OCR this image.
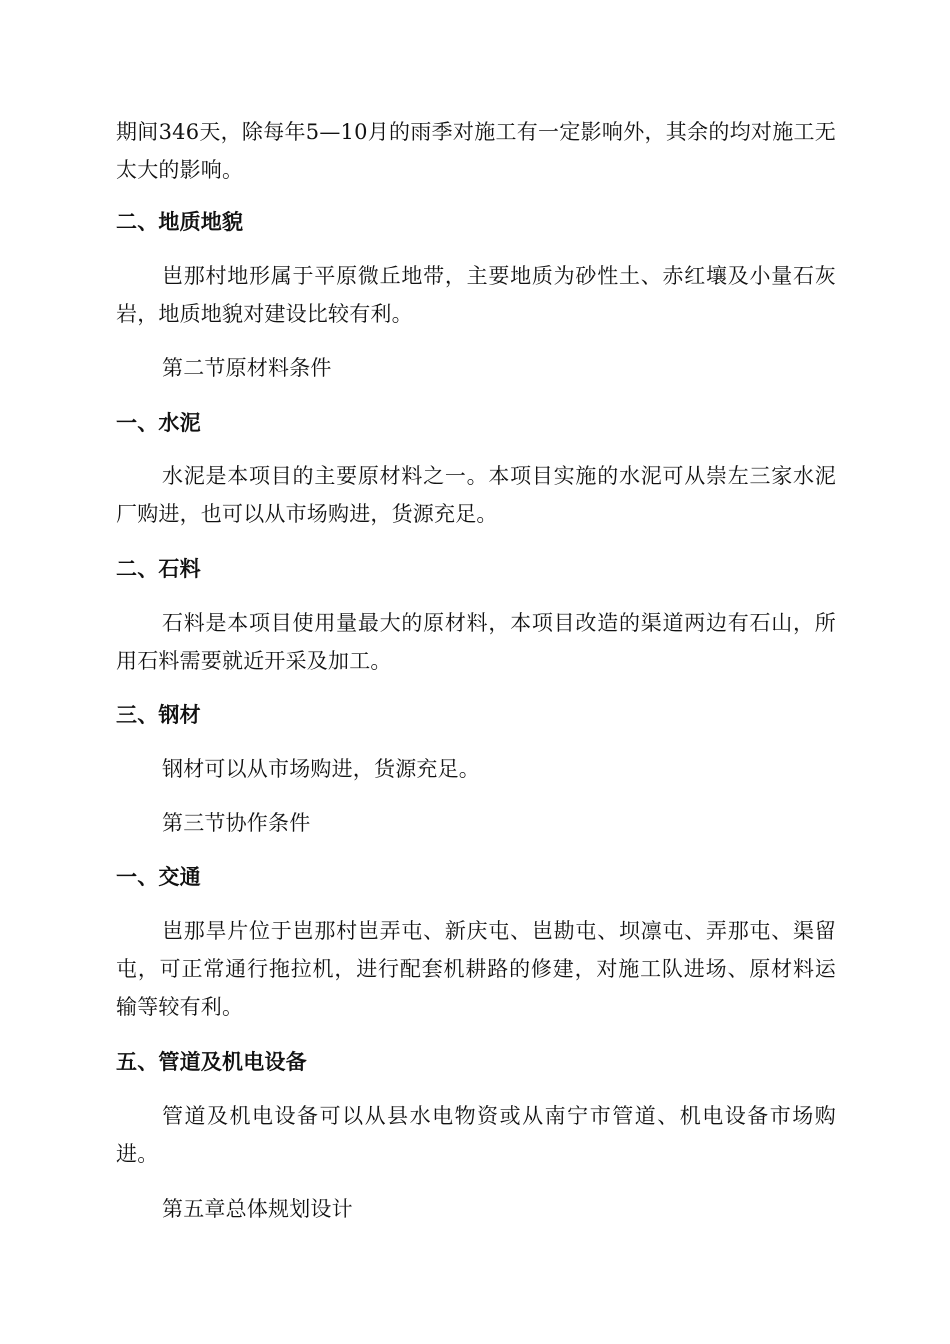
期间346天，除每年5—10月的雨季对施工有一定影响外，其余的均对施工无太大的影响。

二、地质地貌

岜那村地形属于平原微丘地带，主要地质为砂性土、赤红壤及小量石灰岩，地质地貌对建设比较有利。

第二节原材料条件

一、水泥

水泥是本项目的主要原材料之一。本项目实施的水泥可从崇左三家水泥厂购进，也可以从市场购进，货源充足。

二、石料

石料是本项目使用量最大的原材料，本项目改造的渠道两边有石山，所用石料需要就近开采及加工。

三、钢材

钢材可以从市场购进，货源充足。

第三节协作条件

一、交通

岜那旱片位于岜那村岜弄屯、新庆屯、岜勘屯、坝凛屯、弄那屯、渠留屯，可正常通行拖拉机，进行配套机耕路的修建，对施工队进场、原材料运输等较有利。

五、管道及机电设备

管道及机电设备可以从县水电物资或从南宁市管道、机电设备市场购进。

第五章总体规划设计
